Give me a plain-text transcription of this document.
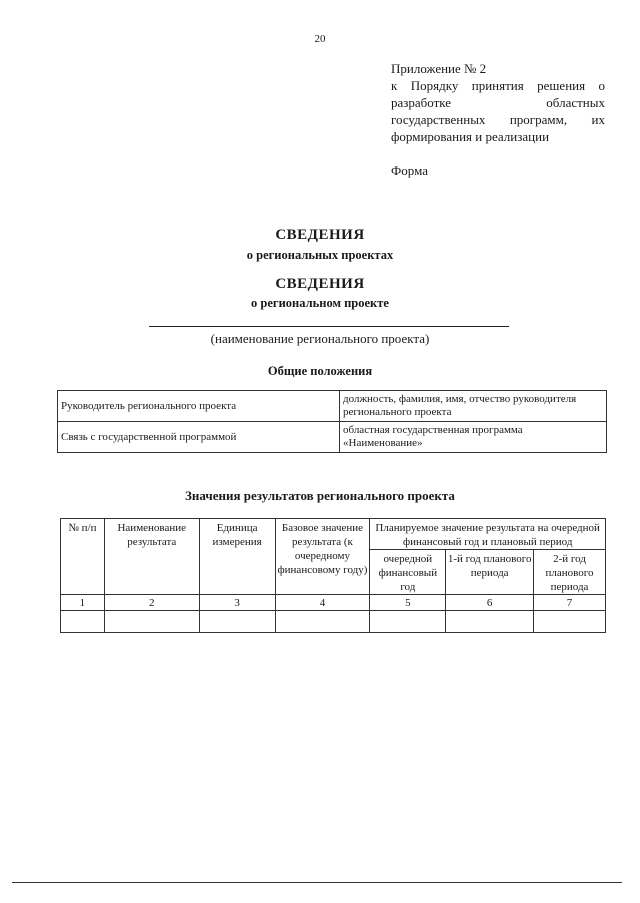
20
Приложение № 2
к Порядку принятия решения о
разработке	областных
государственных программ, их
формирования и реализации
Форма
СВЕДЕНИЯ
о региональных проектах
СВЕДЕНИЯ
о региональном проекте
(наименование регионального проекта)
Общие положения
Руководитель регионального проекта	должность, фамилия, имя, отчество руководителя регионального проекта
Связь с государственной программой	областная государственная программа «Наименование»
Значения результатов регионального проекта
№ п/п	Наименование результата	Единица измерения	Базовое значение результата (к очередному финансовому году)	Планируемое значение результата на очередной финансовый год и плановый период		
				очередной финансовый год	1-й год планового периода	2-й год планового периода
1	2	3	4	5	6	7
